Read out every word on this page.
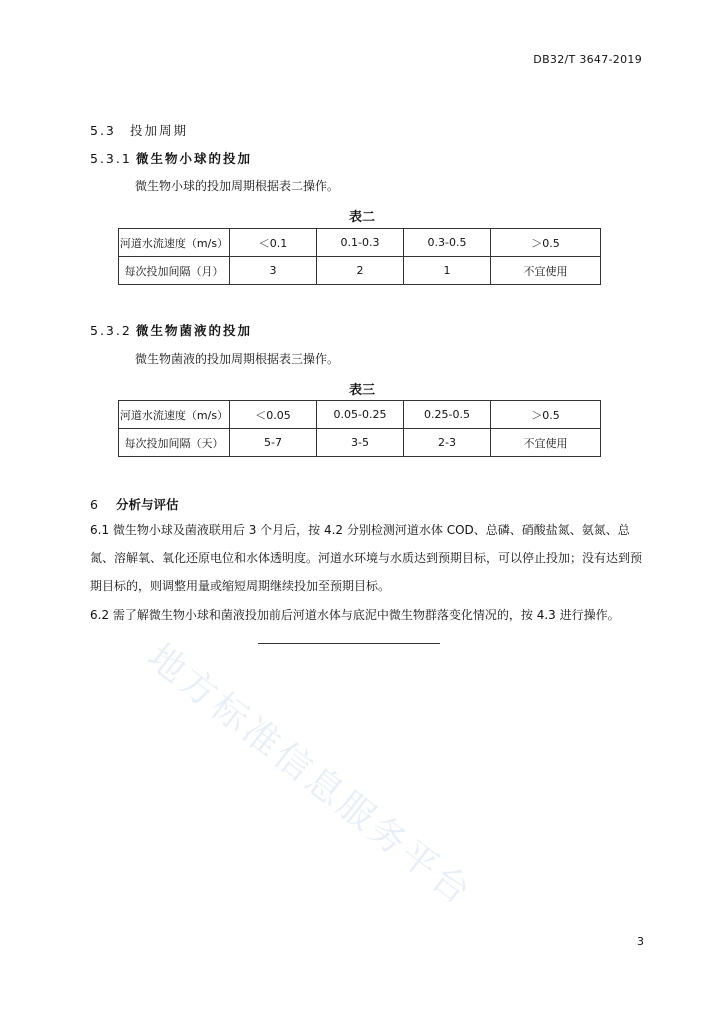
DB32/T 3647-2019
地方标准信息服务平台
5.3 投加周期
5.3.1 微生物小球的投加
微生物小球的投加周期根据表二操作。
表二
河道水流速度（m/s）	＜0.1	0.1-0.3	0.3-0.5	＞0.5
每次投加间隔（月）	3	2	1	不宜使用
5.3.2 微生物菌液的投加
微生物菌液的投加周期根据表三操作。
表三
河道水流速度（m/s）	＜0.05	0.05-0.25	0.25-0.5	＞0.5
每次投加间隔（天）	5-7	3-5	2-3	不宜使用
6 分析与评估
6.1 微生物小球及菌液联用后 3 个月后，按 4.2 分别检测河道水体 COD、总磷、硝酸盐氮、氨氮、总氮、溶解氧、氧化还原电位和水体透明度。河道水环境与水质达到预期目标，可以停止投加；没有达到预期目标的，则调整用量或缩短周期继续投加至预期目标。
6.2 需了解微生物小球和菌液投加前后河道水体与底泥中微生物群落变化情况的，按 4.3 进行操作。
3
